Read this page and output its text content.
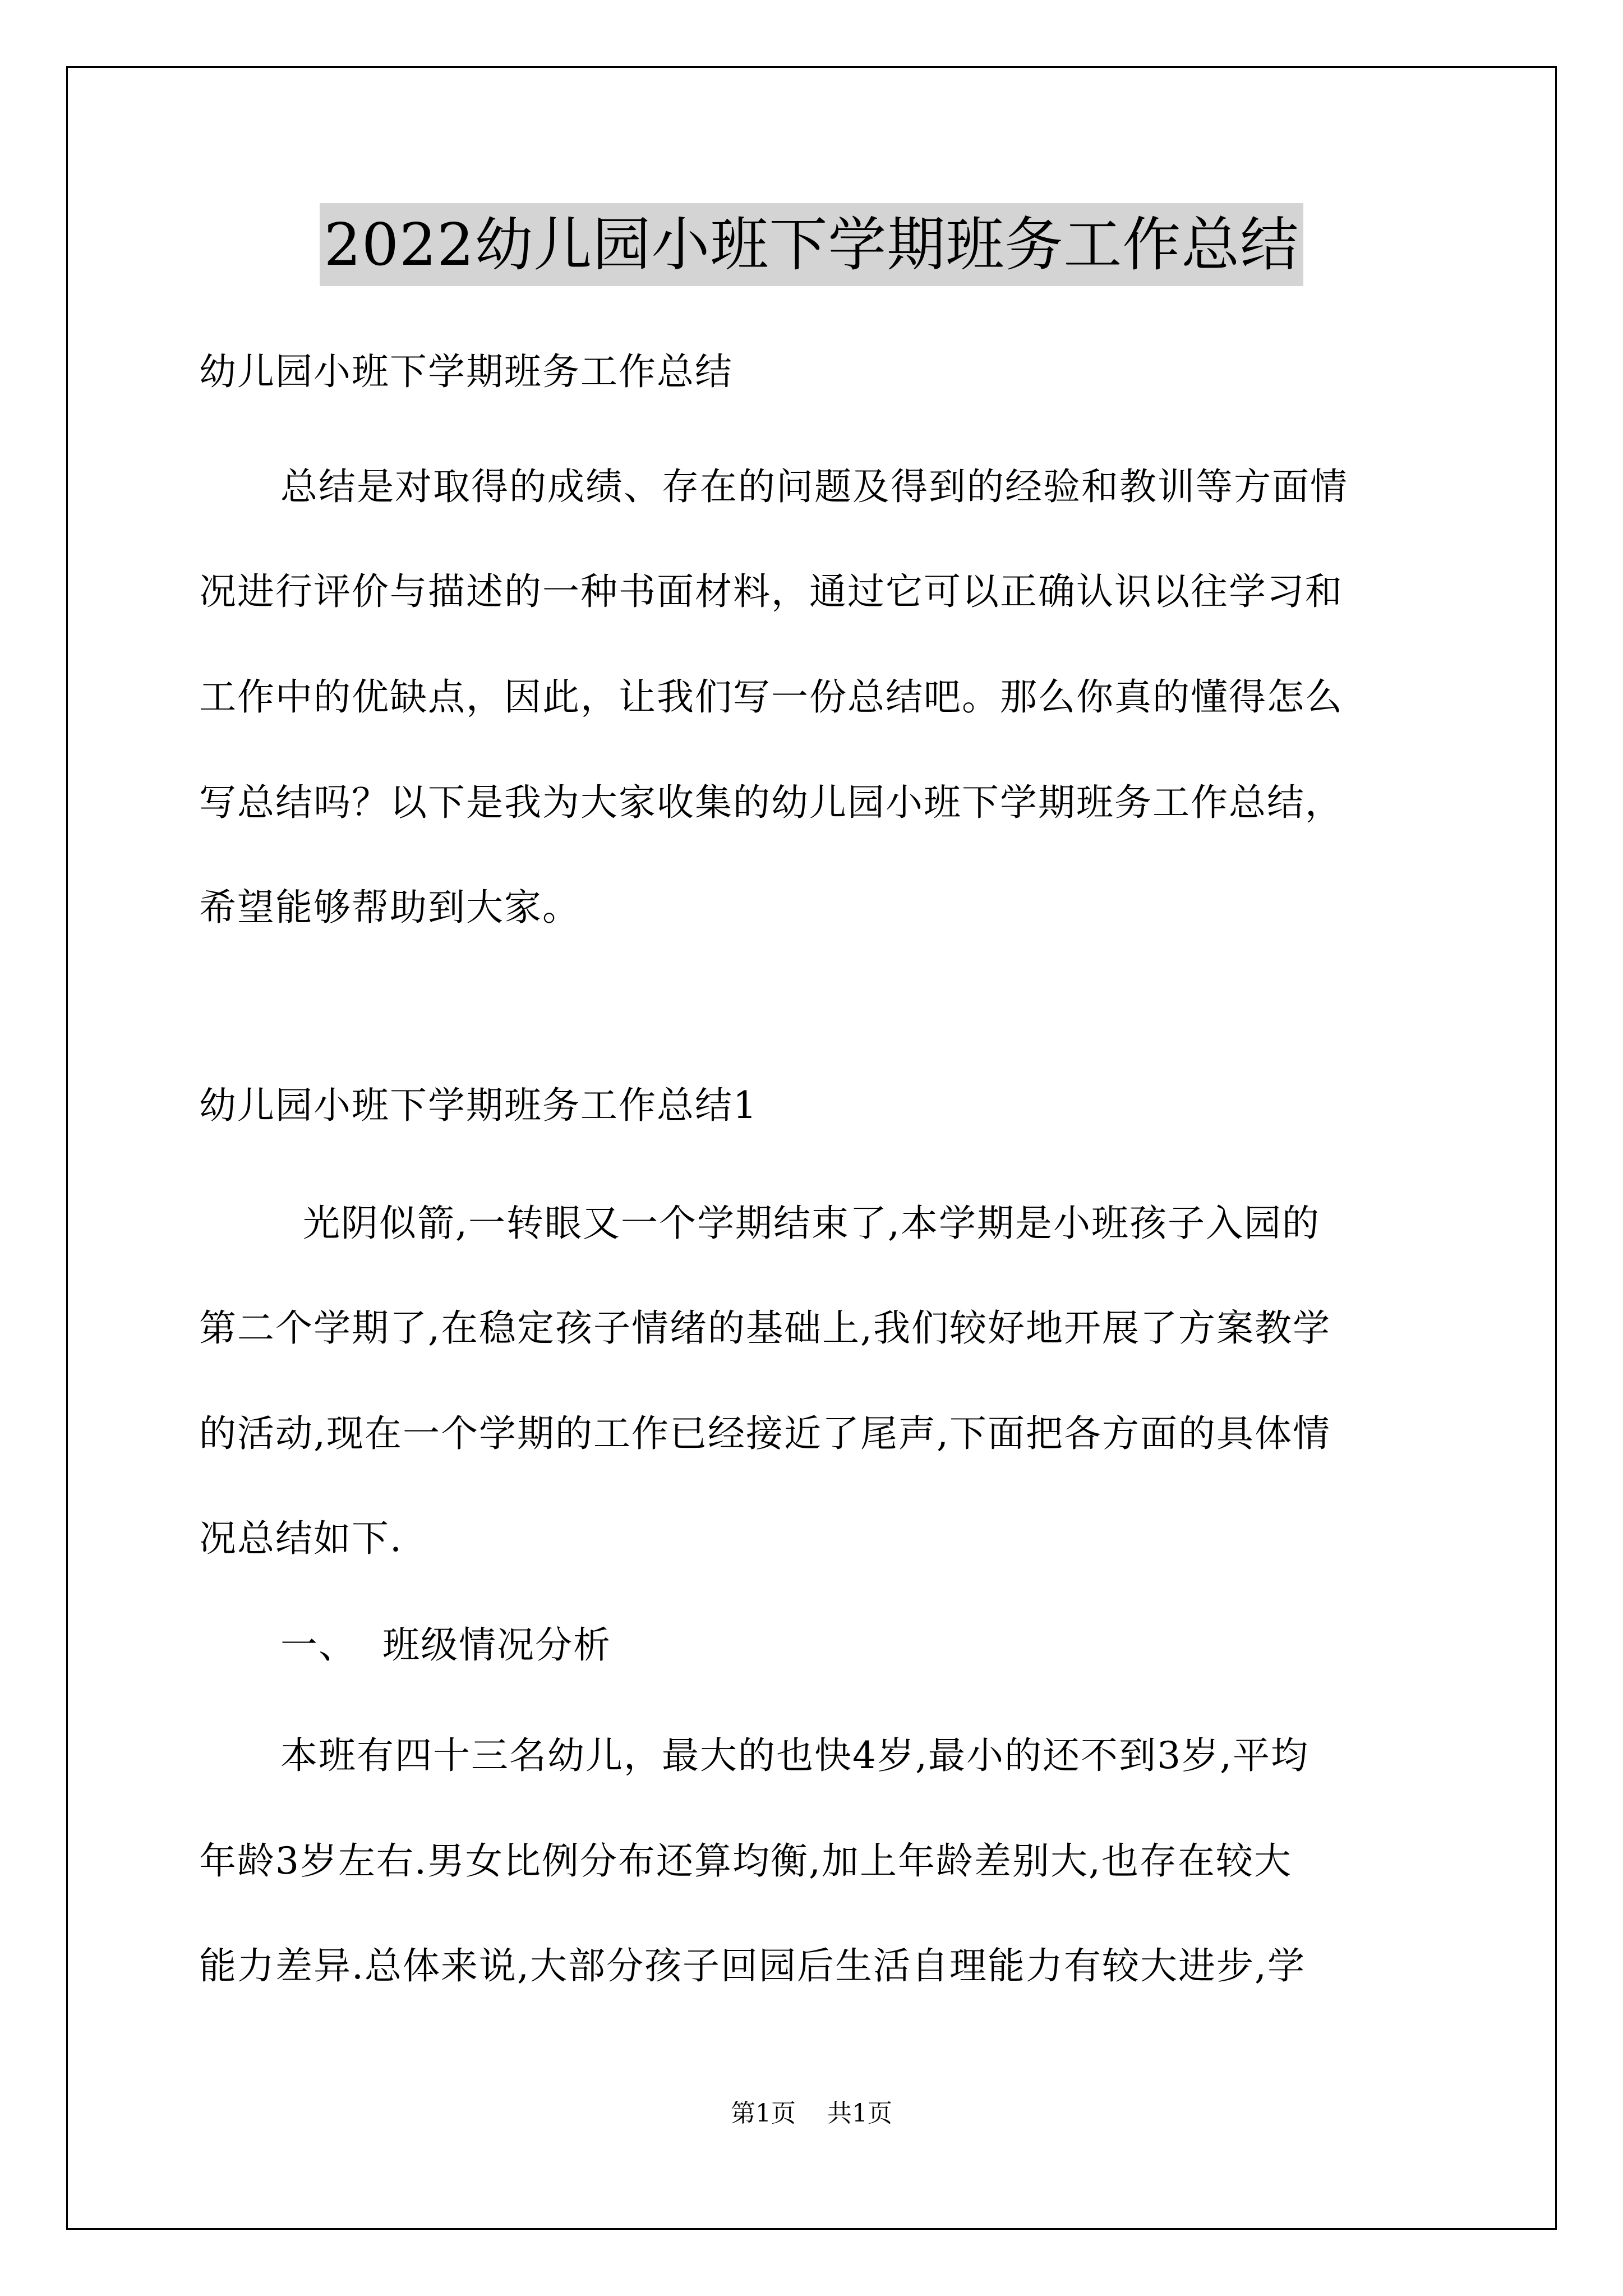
2022幼儿园小班下学期班务工作总结

幼儿园小班下学期班务工作总结

总结是对取得的成绩、存在的问题及得到的经验和教训等方面情

况进行评价与描述的一种书面材料，通过它可以正确认识以往学习和

工作中的优缺点，因此，让我们写一份总结吧。那么你真的懂得怎么

写总结吗？以下是我为大家收集的幼儿园小班下学期班务工作总结，

希望能够帮助到大家。

幼儿园小班下学期班务工作总结1

光阴似箭,一转眼又一个学期结束了,本学期是小班孩子入园的

第二个学期了,在稳定孩子情绪的基础上,我们较好地开展了方案教学

的活动,现在一个学期的工作已经接近了尾声,下面把各方面的具体情

况总结如下.

一、  班级情况分析

本班有四十三名幼儿，最大的也快4岁,最小的还不到3岁,平均

年龄3岁左右.男女比例分布还算均衡,加上年龄差别大,也存在较大

能力差异.总体来说,大部分孩子回园后生活自理能力有较大进步,学

第1页 共1页
